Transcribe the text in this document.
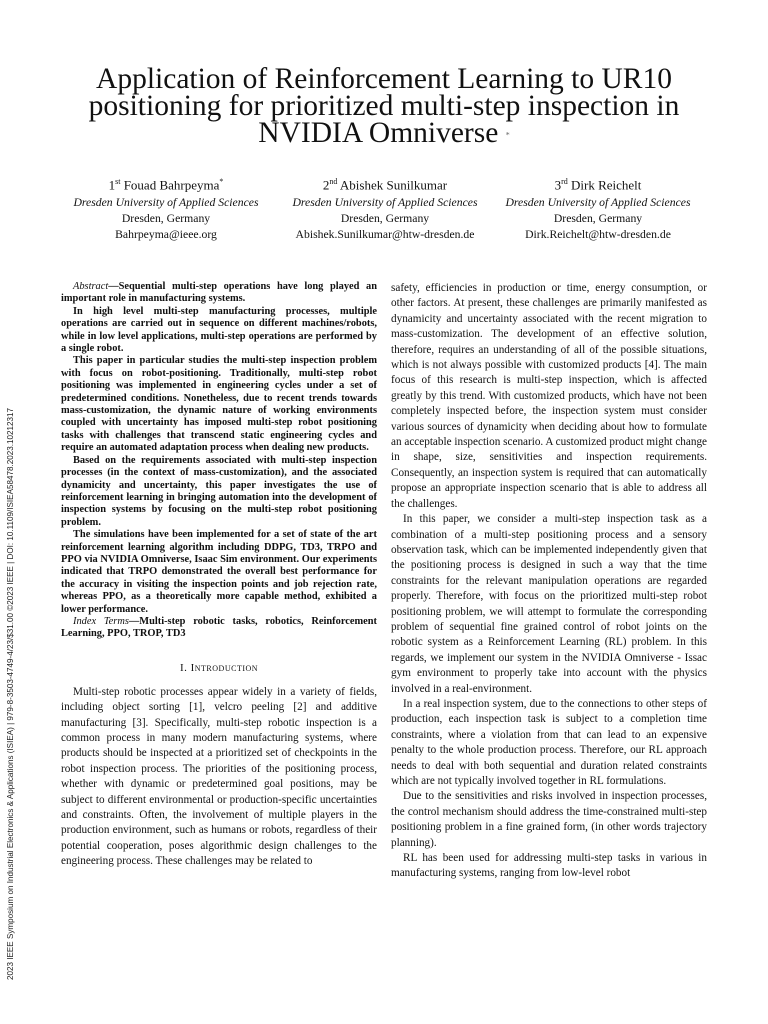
Application of Reinforcement Learning to UR10 positioning for prioritized multi-step inspection in NVIDIA Omniverse *
1st Fouad Bahrpeyma*
Dresden University of Applied Sciences
Dresden, Germany
Bahrpeyma@ieee.org
2nd Abishek Sunilkumar
Dresden University of Applied Sciences
Dresden, Germany
Abishek.Sunilkumar@htw-dresden.de
3rd Dirk Reichelt
Dresden University of Applied Sciences
Dresden, Germany
Dirk.Reichelt@htw-dresden.de
2023 IEEE Symposium on Industrial Electronics & Applications (ISIEA) | 979-8-3503-4749-4/23/$31.00 ©2023 IEEE | DOI: 10.1109/ISIEA58478.2023.10212317

Abstract—Sequential multi-step operations have long played an important role in manufacturing systems.

In high level multi-step manufacturing processes, multiple operations are carried out in sequence on different machines/robots, while in low level applications, multi-step operations are performed by a single robot.

This paper in particular studies the multi-step inspection problem with focus on robot-positioning. Traditionally, multi-step robot positioning was implemented in engineering cycles under a set of predetermined conditions. Nonetheless, due to recent trends towards mass-customization, the dynamic nature of working environments coupled with uncertainty has imposed multi-step robot positioning tasks with challenges that transcend static engineering cycles and require an automated adaptation process when dealing new products.

Based on the requirements associated with multi-step inspection processes (in the context of mass-customization), and the associated dynamicity and uncertainty, this paper investigates the use of reinforcement learning in bringing automation into the development of inspection systems by focusing on the multi-step robot positioning problem.

The simulations have been implemented for a set of state of the art reinforcement learning algorithm including DDPG, TD3, TRPO and PPO via NVIDIA Omniverse, Isaac Sim environment. Our experiments indicated that TRPO demonstrated the overall best performance for the accuracy in visiting the inspection points and job rejection rate, whereas PPO, as a theoretically more capable method, exhibited a lower performance.

Index Terms—Multi-step robotic tasks, robotics, Reinforcement Learning, PPO, TROP, TD3

I. Introduction

Multi-step robotic processes appear widely in a variety of fields, including object sorting [1], velcro peeling [2] and additive manufacturing [3]. Specifically, multi-step robotic inspection is a common process in many modern manufacturing systems, where products should be inspected at a prioritized set of checkpoints in the robot inspection process. The priorities of the positioning process, whether with dynamic or predetermined goal positions, may be subject to different environmental or production-specific uncertainties and constraints. Often, the involvement of multiple players in the production environment, such as humans or robots, regardless of their potential cooperation, poses algorithmic design challenges to the engineering process. These challenges may be related to

safety, efficiencies in production or time, energy consumption, or other factors. At present, these challenges are primarily manifested as dynamicity and uncertainty associated with the recent migration to mass-customization. The development of an effective solution, therefore, requires an understanding of all of the possible situations, which is not always possible with customized products [4]. The main focus of this research is multi-step inspection, which is affected greatly by this trend. With customized products, which have not been completely inspected before, the inspection system must consider various sources of dynamicity when deciding about how to formulate an acceptable inspection scenario. A customized product might change in shape, size, sensitivities and inspection requirements. Consequently, an inspection system is required that can automatically propose an appropriate inspection scenario that is able to address all the challenges.

In this paper, we consider a multi-step inspection task as a combination of a multi-step positioning process and a sensory observation task, which can be implemented independently given that the positioning process is designed in such a way that the time constraints for the relevant manipulation operations are regarded properly. Therefore, with focus on the prioritized multi-step robot positioning problem, we will attempt to formulate the corresponding problem of sequential fine grained control of robot joints on the robotic system as a Reinforcement Learning (RL) problem. In this regards, we implement our system in the NVIDIA Omniverse - Issac gym environment to properly take into account with the physics involved in a real-environment.

In a real inspection system, due to the connections to other steps of production, each inspection task is subject to a completion time constraints, where a violation from that can lead to an expensive penalty to the whole production process. Therefore, our RL approach needs to deal with both sequential and duration related constraints which are not typically involved together in RL formulations.

Due to the sensitivities and risks involved in inspection processes, the control mechanism should address the time-constrained multi-step positioning problem in a fine grained form, (in other words trajectory planning).

RL has been used for addressing multi-step tasks in various in manufacturing systems, ranging from low-level robot
